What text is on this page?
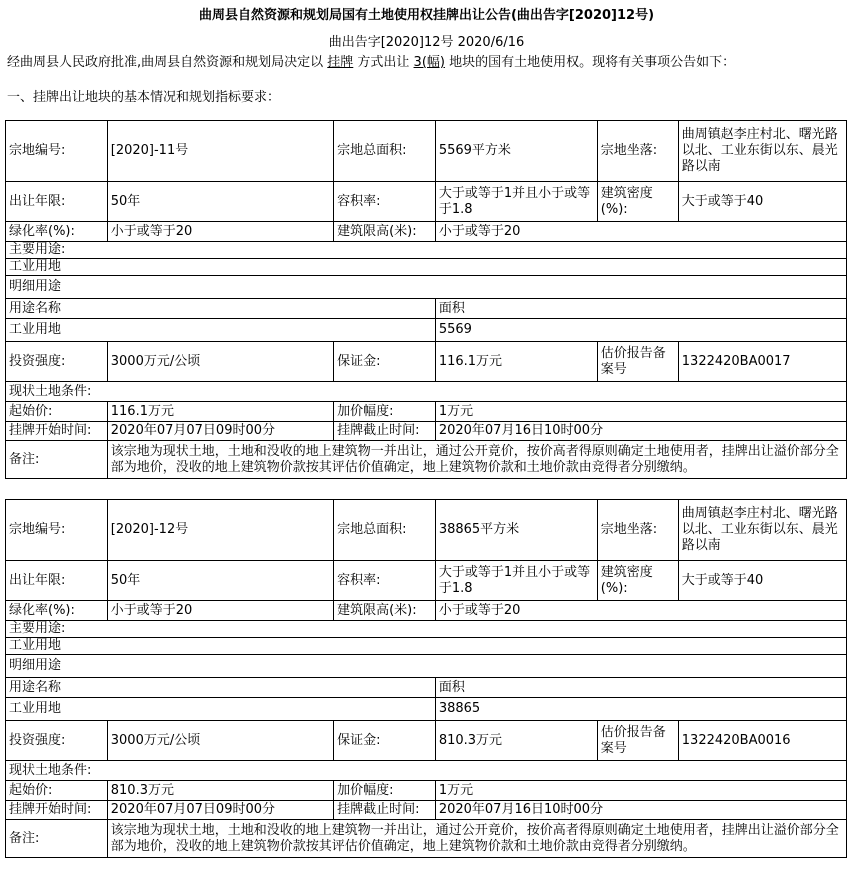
曲周县自然资源和规划局国有土地使用权挂牌出让公告(曲出告字[2020]12号)
曲出告字[2020]12号 2020/6/16
经曲周县人民政府批准,曲周县自然资源和规划局决定以 挂牌 方式出让 3(幅) 地块的国有土地使用权。现将有关事项公告如下：
一、挂牌出让地块的基本情况和规划指标要求：
宗地编号:	[2020]-11号	宗地总面积:	5569平方米	宗地坐落:	曲周镇赵李庄村北、曙光路以北、工业东街以东、晨光路以南
出让年限:	50年	容积率:	大于或等于1并且小于或等于1.8	建筑密度(%):	大于或等于40
绿化率(%):	小于或等于20	建筑限高(米):	小于或等于20		
主要用途:					
工业用地					
明细用途					
用途名称			面积		
工业用地			5569		
投资强度:	3000万元/公顷	保证金:	116.1万元	估价报告备案号	1322420BA0017
现状土地条件:					
起始价:	116.1万元	加价幅度:	1万元		
挂牌开始时间:	2020年07月07日09时00分	挂牌截止时间:	2020年07月16日10时00分		
备注:	该宗地为现状土地，土地和没收的地上建筑物一并出让，通过公开竟价，按价高者得原则确定土地使用者，挂牌出让溢价部分全部为地价，没收的地上建筑物价款按其评估价值确定，地上建筑物价款和土地价款由竞得者分别缴纳。				
宗地编号:	[2020]-12号	宗地总面积:	38865平方米	宗地坐落:	曲周镇赵李庄村北、曙光路以北、工业东街以东、晨光路以南
出让年限:	50年	容积率:	大于或等于1并且小于或等于1.8	建筑密度(%):	大于或等于40
绿化率(%):	小于或等于20	建筑限高(米):	小于或等于20		
主要用途:					
工业用地					
明细用途					
用途名称			面积		
工业用地			38865		
投资强度:	3000万元/公顷	保证金:	810.3万元	估价报告备案号	1322420BA0016
现状土地条件:					
起始价:	810.3万元	加价幅度:	1万元		
挂牌开始时间:	2020年07月07日09时00分	挂牌截止时间:	2020年07月16日10时00分		
备注:	该宗地为现状土地，土地和没收的地上建筑物一并出让，通过公开竟价，按价高者得原则确定土地使用者，挂牌出让溢价部分全部为地价，没收的地上建筑物价款按其评估价值确定，地上建筑物价款和土地价款由竞得者分别缴纳。				
